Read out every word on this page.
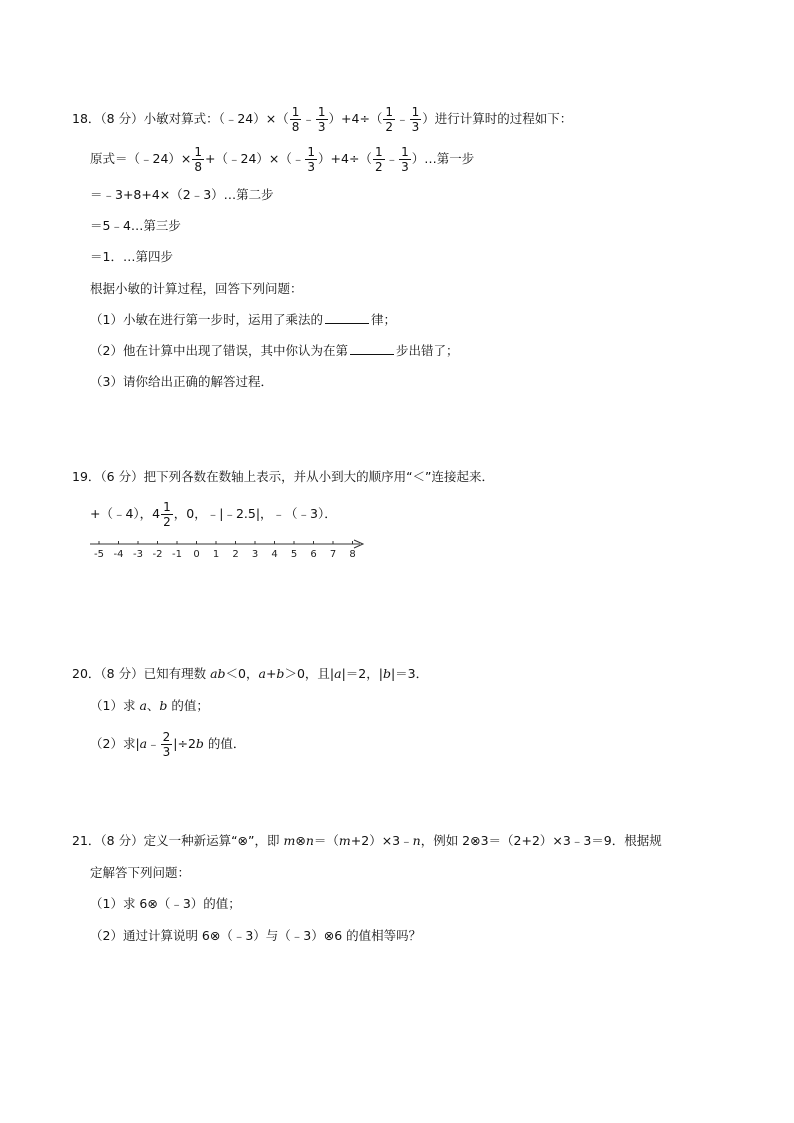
18．（8 分）小敏对算式：（﹣24）×（ $\frac{1}{8}$ ﹣ $\frac{1}{3} )+4\div( \frac{1}{2}$ ﹣ $\frac{1}{3}$ ）进行计算时的过程如下：
原式＝（﹣24）× $\frac{1}{8}$ +（﹣24）×（﹣ $\frac{1}{3} )+4\div( \frac{1}{2}$ ﹣ $\frac{1}{3}$ ）…第一步
＝﹣3+8+4×（2﹣3）…第二步
＝5﹣4…第三步
＝1．…第四步
根据小敏的计算过程，回答下列问题：
（1）小敏在进行第一步时，运用了乘法的	律；
（2）他在计算中出现了错误，其中你认为在第	步出错了；
（3）请你给出正确的解答过程．
19．（6 分）把下列各数在数轴上表示，并从小到大的顺序用“＜”连接起来．
+（﹣4），$4 \frac{1}{2}$ ，0，﹣|﹣2.5|，﹣（﹣3）．
-5 -4 -3 -2 -1 0 1 2 3 4 5 6 7 8
20．（8 分）已知有理数 ab＜0，a+b＞0，且|a|＝2，|b|＝3．
（1）求 a、b 的值；
（2）求|a﹣ $\frac{2}{3} |\div 2b$ 的值．
21．（8 分）定义一种新运算“⊗”，即 m⊗n＝（m+2）×3﹣n，例如 2⊗3＝（2+2）×3﹣3＝9．根据规
定解答下列问题：
（1）求 6⊗（﹣3）的值；
（2）通过计算说明 6⊗（﹣3）与（﹣3）⊗6 的值相等吗？
